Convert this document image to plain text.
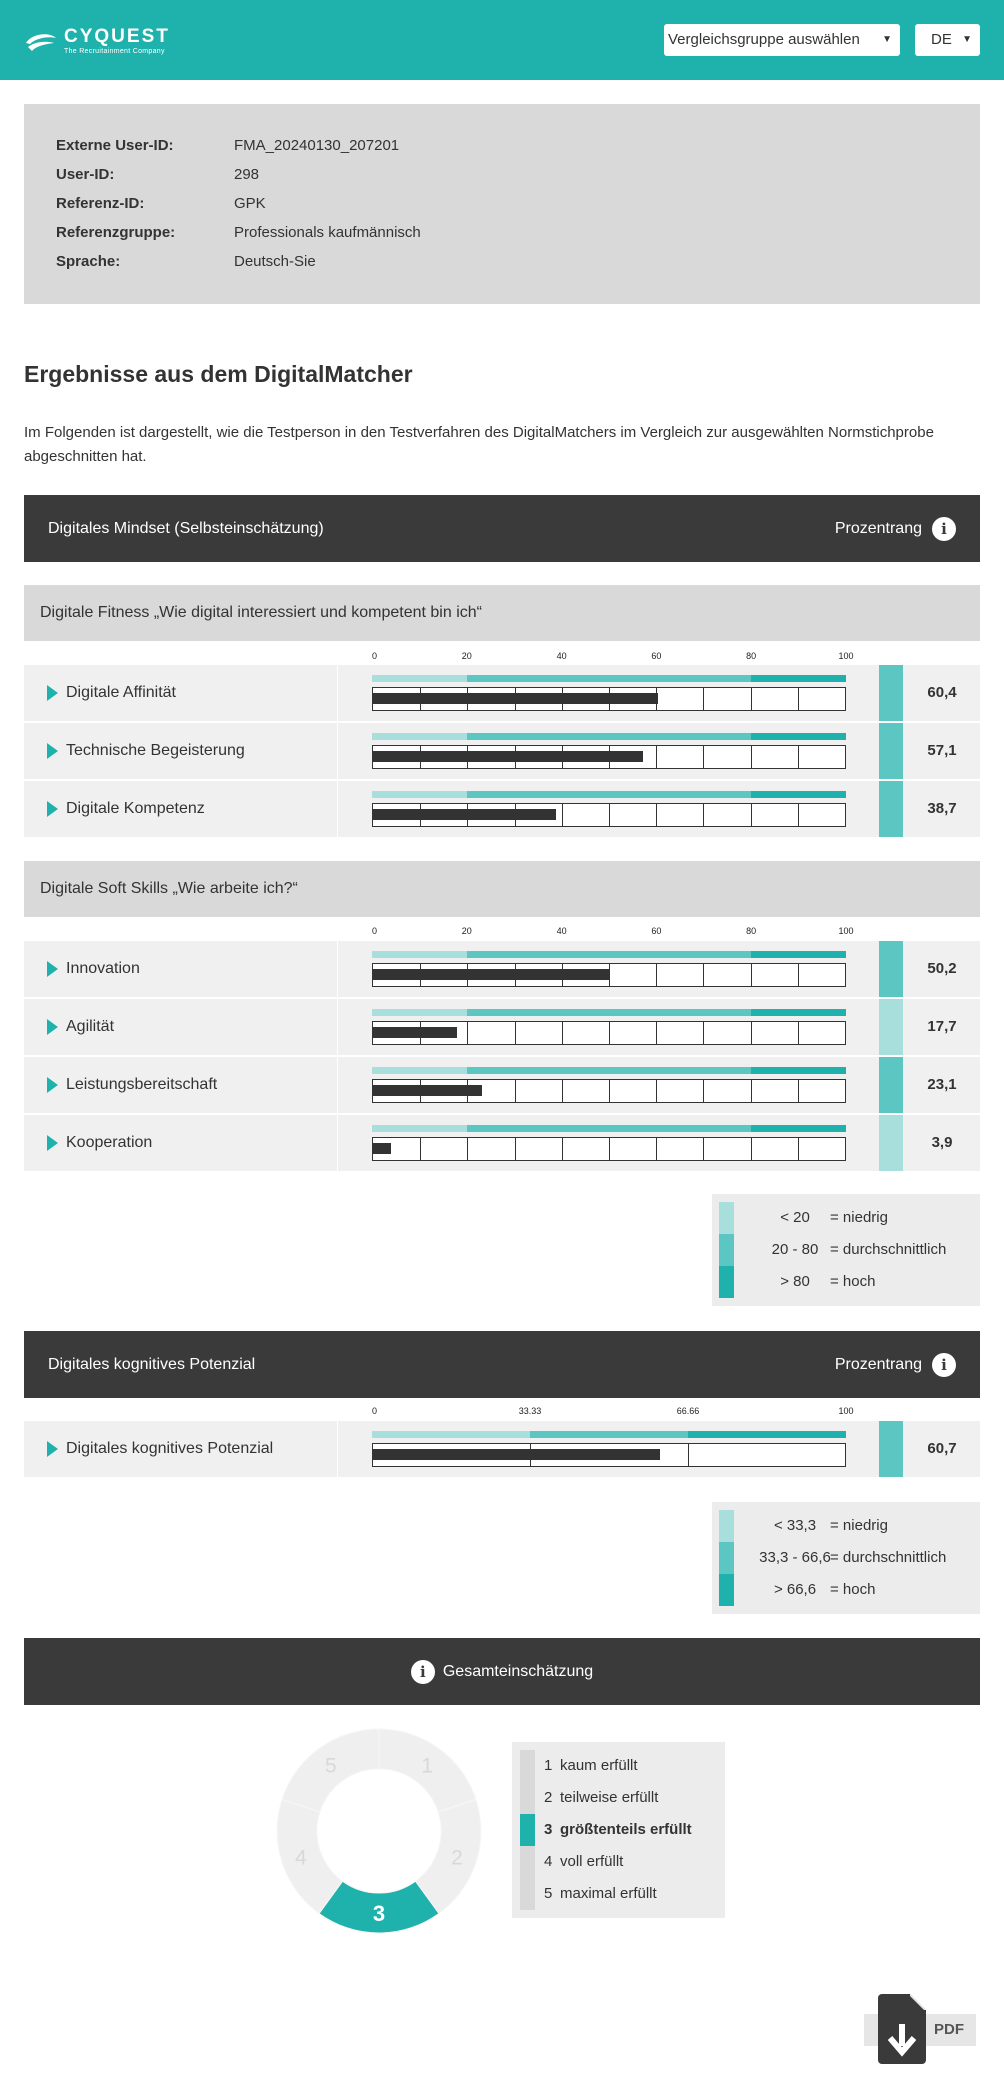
CYQUEST
The Recruitainment Company
Vergleichsgruppe auswählen ▼	DE ▼
Externe User-ID:	FMA_20240130_207201
User-ID:	298
Referenz-ID:	GPK
Referenzgruppe:	Professionals kaufmännisch
Sprache:	Deutsch-Sie
Ergebnisse aus dem DigitalMatcher

Im Folgenden ist dargestellt, wie die Testperson in den Testverfahren des DigitalMatchers im Vergleich zur ausgewählten Normstichprobe abgeschnitten hat.

Digitales Mindset (Selbsteinschätzung)	Prozentrang	i
Digitale Fitness „Wie digital interessiert und kompetent bin ich“
0	20	40	60	80	100
Digitale Affinität	60,4
Technische Begeisterung	57,1
Digitale Kompetenz	38,7
Digitale Soft Skills „Wie arbeite ich?“
0	20	40	60	80	100
Innovation	50,2
Agilität	17,7
Leistungsbereitschaft	23,1
Kooperation	3,9
< 20	= niedrig
20 - 80 = durchschnittlich
> 80	= hoch
Digitales kognitives Potenzial	Prozentrang	i
0	33.33	66.66	100
Digitales kognitives Potenzial	60,7
< 33,3 = niedrig
33,3 - 66,6 = durchschnittlich
> 66,6 = hoch
i	Gesamteinschätzung
1
2
3
4
5	1 kaum erfüllt
2 teilweise erfüllt
3 größtenteils erfüllt
4 voll erfüllt
5 maximal erfüllt
PDF
